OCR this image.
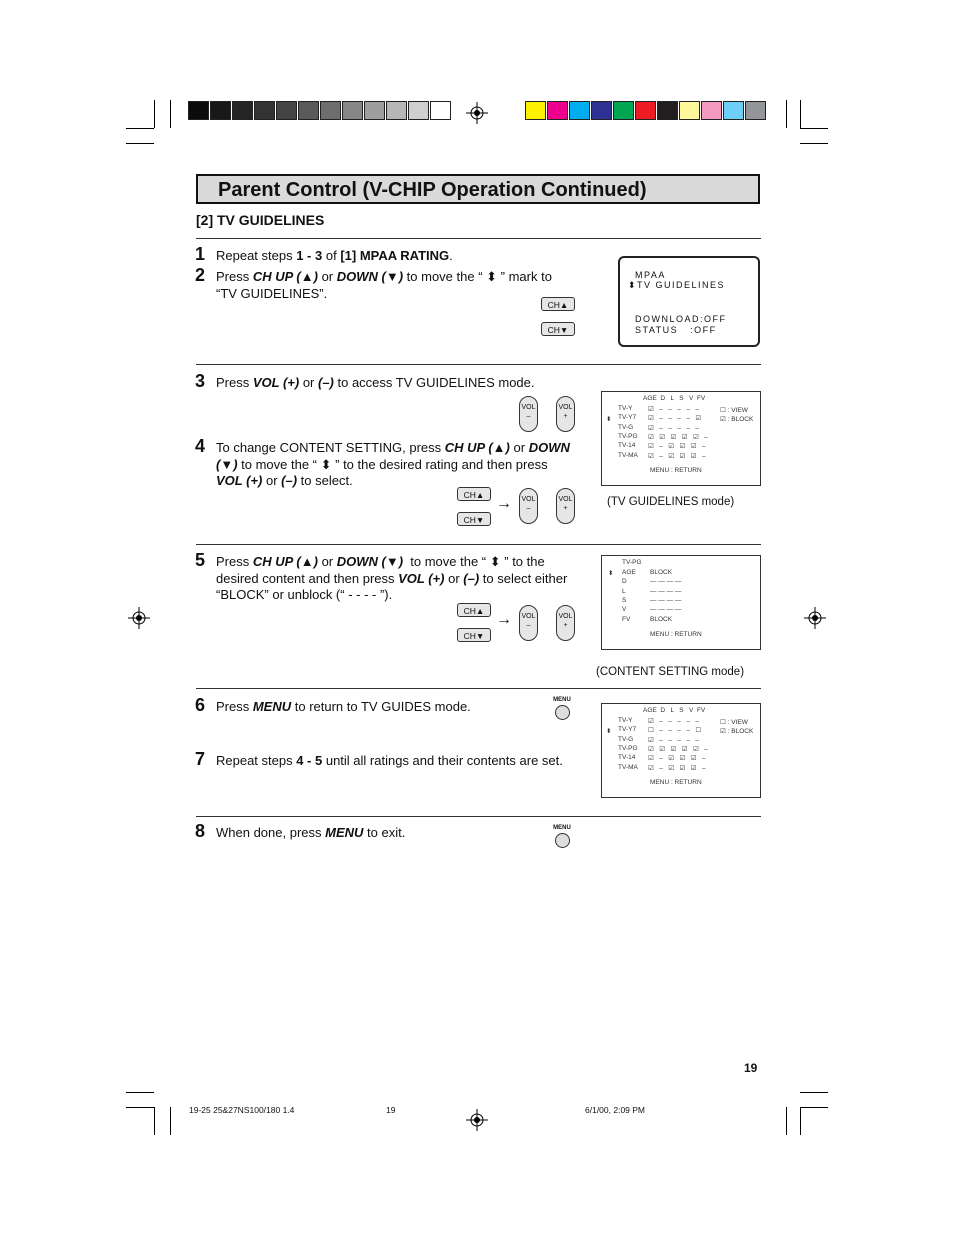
Parent Control (V-CHIP Operation Continued)
[2] TV GUIDELINES
1 Repeat steps 1 - 3 of [1] MPAA RATING.
2 Press CH UP (▲) or DOWN (▼) to move the “ ⬍ ” mark to “TV GUIDELINES”.
CH▲
CH▼
MPAA
⬍TV GUIDELINES
DOWNLOAD:OFF
STATUS   :OFF
3 Press VOL (+) or (–) to access TV GUIDELINES mode.
VOL
–
VOL
+
4 To change CONTENT SETTING, press CH UP (▲) or DOWN (▼) to move the “ ⬍ ” to the desired rating and then press VOL (+) or (–) to select.
CH▲
CH▼
→	VOL
–
VOL
+
AGE  D   L   S   V  FV
☐ : VIEW
☑ : BLOCK
⬍
MENU : RETURN
TV-Y ☑   –   –   –   –   –
TV-Y7 ☑   –   –   –   –   ☑
TV-G ☑   –   –   –   –   –
TV-PG ☑   ☑   ☑   ☑   ☑   –
TV-14 ☑   –   ☑   ☑   ☑   –
TV-MA ☑   –   ☑   ☑   ☑   –
(TV GUIDELINES mode)
5 Press CH UP (▲) or DOWN (▼)  to move the “ ⬍ ” to the desired content and then press VOL (+) or (–) to select either “BLOCK” or unblock (“ - - - - ”).
CH▲
CH▼
→	VOL
–
VOL
+
TV-PG
⬍
MENU : RETURN
AGE BLOCK
D	— — — —
L	— — — —
S	— — — —
V	— — — —
FV	BLOCK
(CONTENT SETTING mode)
6 Press MENU to return to TV GUIDES mode.	MENU
AGE  D   L   S   V  FV
☐ : VIEW
☑ : BLOCK
⬍
MENU : RETURN
TV-Y ☑   –   –   –   –   –
TV-Y7 ☐   –   –   –   –   ☐
TV-G ☑   –   –   –   –   –
TV-PG ☑   ☑   ☑   ☑   ☑   –
TV-14 ☑   –   ☑   ☑   ☑   –
TV-MA ☑   –   ☑   ☑   ☑   –
7 Repeat steps 4 - 5 until all ratings and their contents are set.
8 When done, press MENU to exit.	MENU
19
19-25 25&27NS100/180 1.4	19	6/1/00, 2:09 PM
